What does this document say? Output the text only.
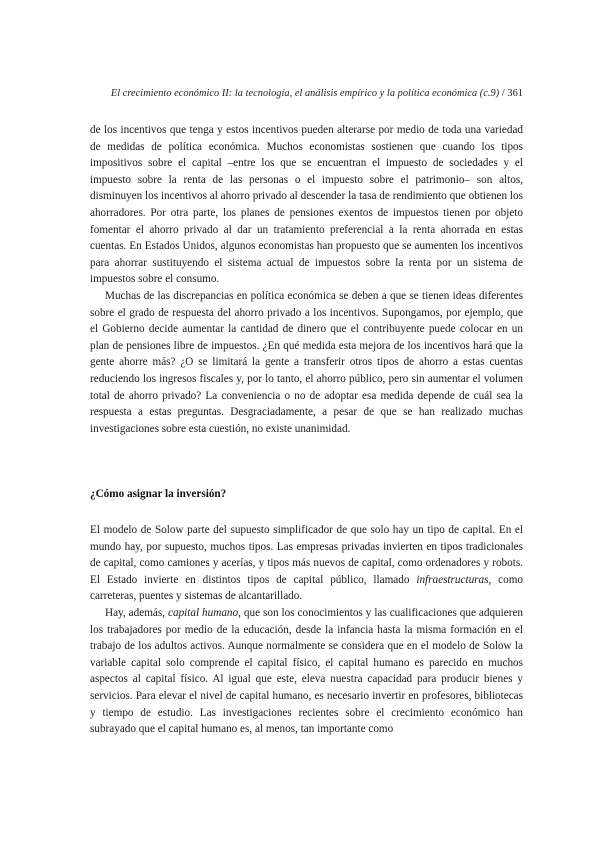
El crecimiento económico II: la tecnología, el análisis empírico y la política económica (c.9) / 361

de los incentivos que tenga y estos incentivos pueden alterarse por medio de toda una variedad de medidas de política económica. Muchos economistas sostienen que cuando los tipos impositivos sobre el capital –entre los que se encuentran el impuesto de sociedades y el impuesto sobre la renta de las personas o el impuesto sobre el patrimonio– son altos, disminuyen los incentivos al ahorro privado al descender la tasa de rendimiento que obtienen los ahorradores. Por otra parte, los planes de pensiones exentos de impuestos tienen por objeto fomentar el ahorro privado al dar un tratamiento preferencial a la renta ahorrada en estas cuentas. En Estados Unidos, algunos economistas han propuesto que se aumenten los incentivos para ahorrar sustituyendo el sistema actual de impuestos sobre la renta por un sistema de impuestos sobre el consumo.

Muchas de las discrepancias en política económica se deben a que se tienen ideas diferentes sobre el grado de respuesta del ahorro privado a los incentivos. Supongamos, por ejemplo, que el Gobierno decide aumentar la cantidad de dinero que el contribuyente puede colocar en un plan de pensiones libre de impuestos. ¿En qué medida esta mejora de los incentivos hará que la gente ahorre más? ¿O se limitará la gente a transferir otros tipos de ahorro a estas cuentas reduciendo los ingresos fiscales y, por lo tanto, el ahorro público, pero sin aumentar el volumen total de ahorro privado? La conveniencia o no de adoptar esa medida depende de cuál sea la respuesta a estas preguntas. Desgraciadamente, a pesar de que se han realizado muchas investigaciones sobre esta cuestión, no existe unanimidad.

¿Cómo asignar la inversión?

El modelo de Solow parte del supuesto simplificador de que solo hay un tipo de capital. En el mundo hay, por supuesto, muchos tipos. Las empresas privadas invierten en tipos tradicionales de capital, como camiones y acerías, y tipos más nuevos de capital, como ordenadores y robots. El Estado invierte en distintos tipos de capital público, llamado infraestructuras, como carreteras, puentes y sistemas de alcantarillado.

Hay, además, capital humano, que son los conocimientos y las cualificaciones que adquieren los trabajadores por medio de la educación, desde la infancia hasta la misma formación en el trabajo de los adultos activos. Aunque normalmente se considera que en el modelo de Solow la variable capital solo comprende el capital físico, el capital humano es parecido en muchos aspectos al capital físico. Al igual que este, eleva nuestra capacidad para producir bienes y servicios. Para elevar el nivel de capital humano, es necesario invertir en profesores, bibliotecas y tiempo de estudio. Las investigaciones recientes sobre el crecimiento económico han subrayado que el capital humano es, al menos, tan importante como
